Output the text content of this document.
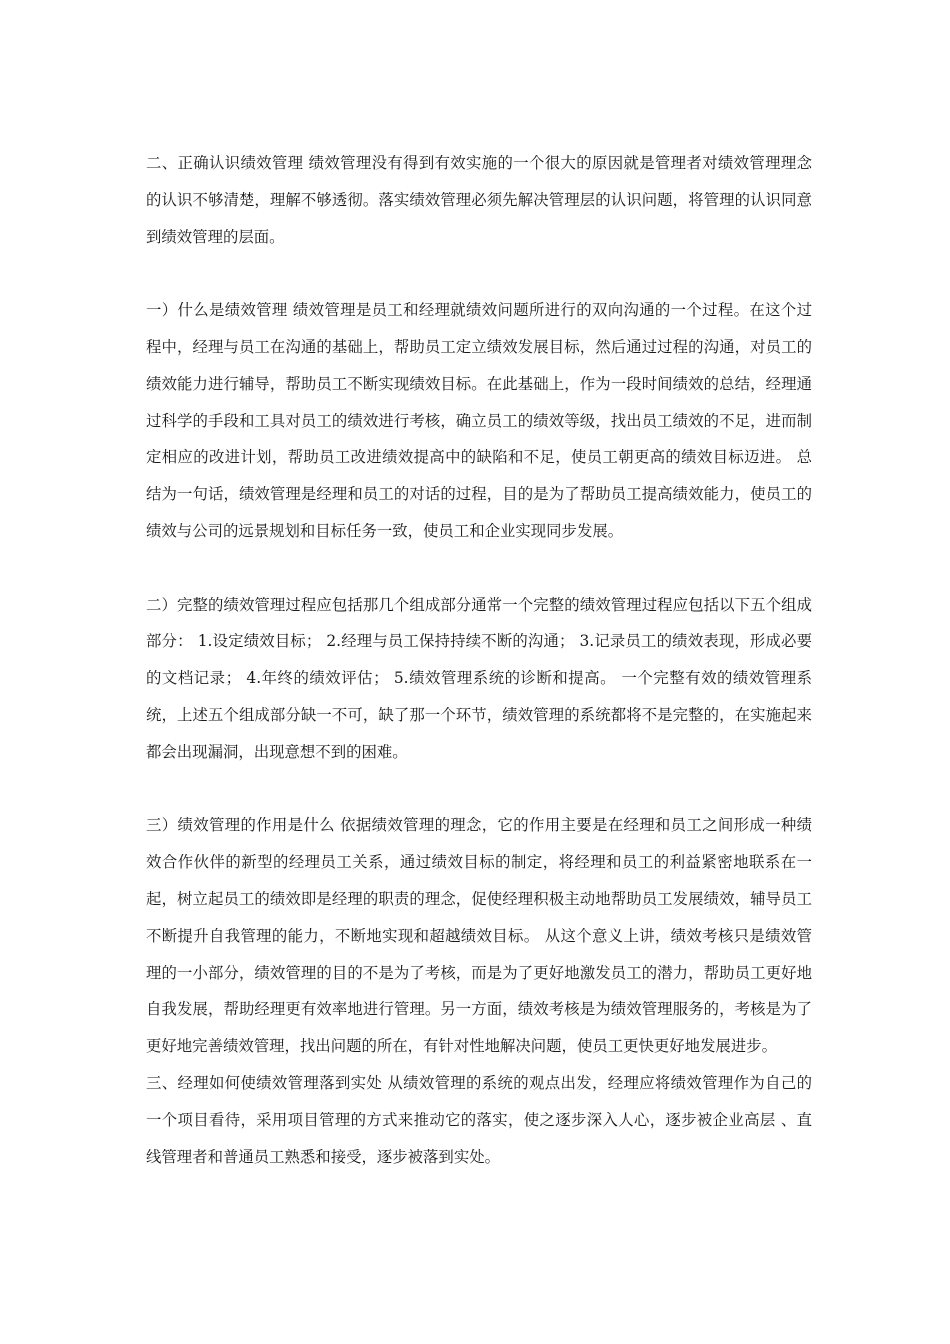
二、正确认识绩效管理 绩效管理没有得到有效实施的一个很大的原因就是管理者对绩效管理理念的认识不够清楚，理解不够透彻。落实绩效管理必须先解决管理层的认识问题，将管理的认识同意到绩效管理的层面。

一）什么是绩效管理 绩效管理是员工和经理就绩效问题所进行的双向沟通的一个过程。在这个过程中，经理与员工在沟通的基础上，帮助员工定立绩效发展目标，然后通过过程的沟通，对员工的绩效能力进行辅导，帮助员工不断实现绩效目标。在此基础上，作为一段时间绩效的总结，经理通过科学的手段和工具对员工的绩效进行考核，确立员工的绩效等级，找出员工绩效的不足，进而制定相应的改进计划，帮助员工改进绩效提高中的缺陷和不足，使员工朝更高的绩效目标迈进。 总结为一句话，绩效管理是经理和员工的对话的过程，目的是为了帮助员工提高绩效能力，使员工的绩效与公司的远景规划和目标任务一致，使员工和企业实现同步发展。

二）完整的绩效管理过程应包括那几个组成部分通常一个完整的绩效管理过程应包括以下五个组成部分： 1.设定绩效目标； 2.经理与员工保持持续不断的沟通； 3.记录员工的绩效表现，形成必要的文档记录； 4.年终的绩效评估； 5.绩效管理系统的诊断和提高。 一个完整有效的绩效管理系统，上述五个组成部分缺一不可，缺了那一个环节，绩效管理的系统都将不是完整的，在实施起来都会出现漏洞，出现意想不到的困难。

三）绩效管理的作用是什么 依据绩效管理的理念，它的作用主要是在经理和员工之间形成一种绩效合作伙伴的新型的经理员工关系，通过绩效目标的制定，将经理和员工的利益紧密地联系在一起，树立起员工的绩效即是经理的职责的理念，促使经理积极主动地帮助员工发展绩效，辅导员工不断提升自我管理的能力，不断地实现和超越绩效目标。 从这个意义上讲，绩效考核只是绩效管理的一小部分，绩效管理的目的不是为了考核，而是为了更好地激发员工的潜力，帮助员工更好地自我发展，帮助经理更有效率地进行管理。另一方面，绩效考核是为绩效管理服务的，考核是为了更好地完善绩效管理，找出问题的所在，有针对性地解决问题，使员工更快更好地发展进步。

三、经理如何使绩效管理落到实处 从绩效管理的系统的观点出发，经理应将绩效管理作为自己的一个项目看待，采用项目管理的方式来推动它的落实，使之逐步深入人心，逐步被企业高层 、直线管理者和普通员工熟悉和接受，逐步被落到实处。
